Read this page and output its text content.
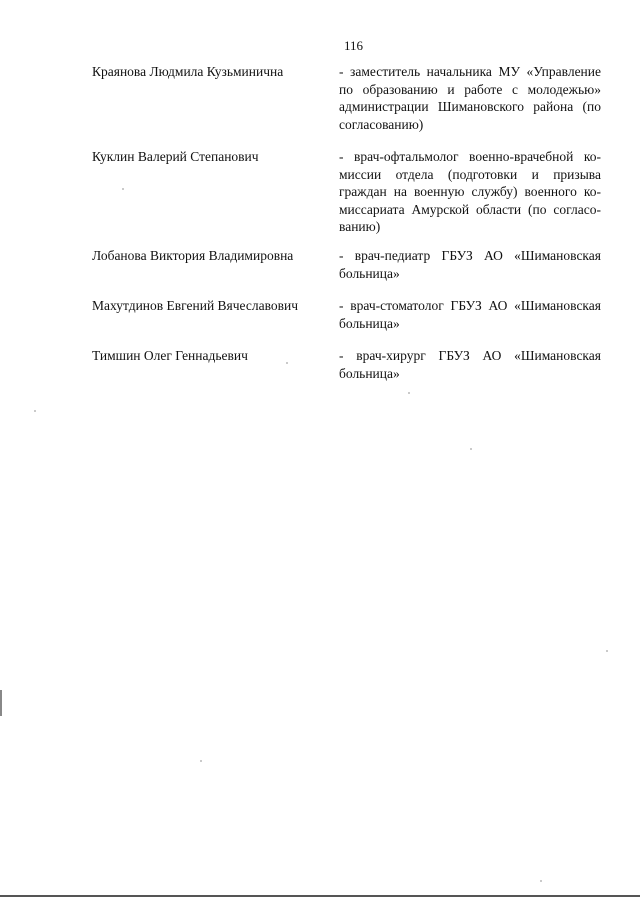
116
Краянова Людмила Кузьминична	- заместитель начальника МУ «Управление
по образованию и работе с молодежью»
администрации Шимановского района (по
согласованию)
Куклин Валерий Степанович	- врач-офтальмолог военно-врачебной ко-
миссии отдела (подготовки и призыва
граждан на военную службу) военного ко-
миссариата Амурской области (по согласо-
ванию)
Лобанова Виктория Владимировна	- врач-педиатр ГБУЗ АО «Шимановская
больница»
Махутдинов Евгений Вячеславович	- врач-стоматолог ГБУЗ АО «Шимановская
больница»
Тимшин Олег Геннадьевич	- врач-хирург ГБУЗ АО «Шимановская
больница»
